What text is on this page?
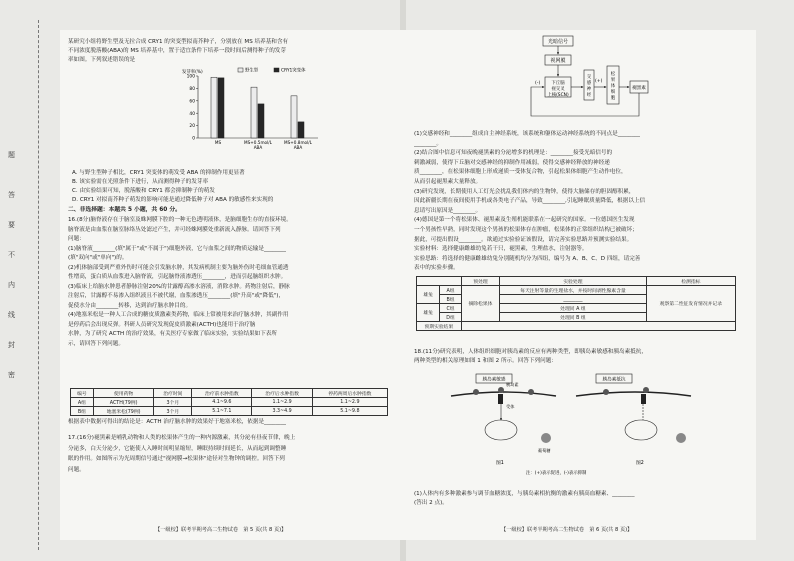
题
答
要
不
内
线
封
密
某研究小组将野生型及无拉合成 CRY1 的突变型拟南芥种子，分别放在 MS 培养基和含有
不同浓度脱落酸(ABA)的 MS 培养基中，置于适宜条件下培养一段时间后测得种子的发芽
率如图。下列叙述错误的是
0
20
40
60
80
100
发芽率(%)
MS	MS+0.5mol/L
ABA
MS+0.8mol/L
ABA
野生型	CRY1突变体
A. 与野生型种子相比，CRY1 突变体的萌发受 ABA 的抑制作用更显著
B. 该实验需在光照条件下进行，从而测得种子的发芽率
C. 由实验结果可知，脱落酸和 CRY1 都会抑制种子的萌发
D. CRY1 对拟南芥种子萌发的影响可能是通过降低种子对 ABA 的敏感性来实现的
二、非选择题：本题共 5 小题，共 60 分。
16.(8分)脑脊液存在于脑室及蛛网膜下腔的一种无色透明液体，是脑细胞生存的直接环境。
脑脊液是由血浆在脑室脉络丛处滤过产生，并可经蛛网膜处重新流入静脉。请回答下列
问题：
(1)脑脊液________(填"属于"或"不属于")细胞外液，它与血浆之间的物质运输是________
(填"双向"或"单向")的。
(2)机体脑部受到严重外伤时可能会引发脑水肿，其发病机制主要为脑外伤时毛细血管通透
性增高，蛋白质从血浆进入脑脊液，引起脑脊液渗透压________，进而引起脑组织水肿。
(3)临床上给脑水肿患者静脉注射20%的甘露醇高渗水溶液，消除水肿。药物注射后，静脉
注射后，甘露醇不易渗入组织液且不被代谢，血浆渗透压________(填"升高"或"降低")，
促使水分由________转移，达到治疗脑水肿目的。
(4)地塞米松是一种人工合成的糖皮质激素类药物，临床上常被用来治疗脑水肿，其副作用
是停药后会出现反弹。科研人员研究发现促皮质激素(ACTH)也能用于治疗脑
水肿，为了研究 ACTH 的治疗效果，有关医疗专家做了临床实验，实验结果如下表所
示，请回答下列问题。
编号	使用药物	治疗时间	治疗前水肿指数	治疗后水肿指数	停药两周后水肿指数
A组	ACTH(79例)	3个月	4.1~9.6	1.1~2.9	1.1~2.9
B组	地塞米松(79例)	3个月	5.1~7.1	3.3~4.9	5.1~9.8
根据表中数据可得出的结论是：ACTH 治疗脑水肿的效果好于地塞米松，依据是________
17.(16分)褪黑素是哺乳动物和人类的松果体产生的一种内源激素，其分泌有昼夜节律，晚上
分泌多，白天分泌少，它能使人入睡时间明显缩短，睡眠持续时间延长，从而起到调整睡
眠的作用。如图所示为光周期信号通过"视网膜→松果体"途径对生物钟的调控。回答下列
问题。
【一级校】联考半期考高二生物试卷　第 5 页(共 8 页)】
光暗信号
视网膜
下丘脑
视交叉
上核(SCN)
交
感
神
经
松
果
体
细
胞
褪黑素
(-)	(+)
(1)交感神经和________组成自主神经系统，该系统和躯体运动神经系统的不同点是________
________。
(2)结合图中信息可知夜晚褪黑素的分泌增多的机理是：________接受光暗信号的
刺激减弱，使得下丘脑对交感神经的抑制作用减弱，使得交感神经释放的神经递
质________，在松果体细胞上形成递质一受体复合物，引起松果体细胞产生动作电位，
从而引起褪黑素大量释放。
(3)研究发现，长期使用人工灯光会扰乱我们体内的生物钟，使得大脑储存的胆固醇积累，
因此新疆长期在夜间使用手机或各类电子产品，导致________,引起睡眠质量降低，根据以上信
息请写出原因是________。
(4)德国是第一个将松果体、褪黑素及生殖机能联系在一起研究的国家。一位德国医生发现
一个男孩性早熟，同时发现这个男孩的松果体存在肿瘤，松果体的正常组织结构已被破坏；
据此，可提出假设________。欲通过实验验证该假设，请完善实验思路并预测实验结果。
实验材料：选择健康雌雄幼兔若干只，褪黑素，生理盐水，注射器等。
实验思路：将选择的健康雌雄幼兔分别随机均分为四组，编号为 A、B、C、D 四组，请完善
表中的实验步骤。
		预处理	实验处理	检测指标
雄兔	A组	摘除松果体	每天注射等量的生理盐水，并按时间剥性腺素含量	观察第二性征发育情况并记录
	B组		________	
雄兔	C组		处理同 A 组	
	D组		处理同 B 组	
预期实验结果				
18.(11分)研究表明，人体组织细胞对胰岛素的反应有两种类型，即胰岛素敏感和胰岛素抵抗，
两种类型的相关原理如图 1 和图 2 所示。回答下列问题：
胰岛素敏感	胰岛素抵抗
胰岛素
受体
葡萄糖
图1	图2
注：(+)表示促进，(-)表示抑制
(1)人体内有多种激素参与调节血糖浓度，与胰岛素相抗衡的激素有胰高血糖素、________
(答出 2 点)。
【一级校】联考半期考高二生物试卷　第 6 页(共 8 页)】
